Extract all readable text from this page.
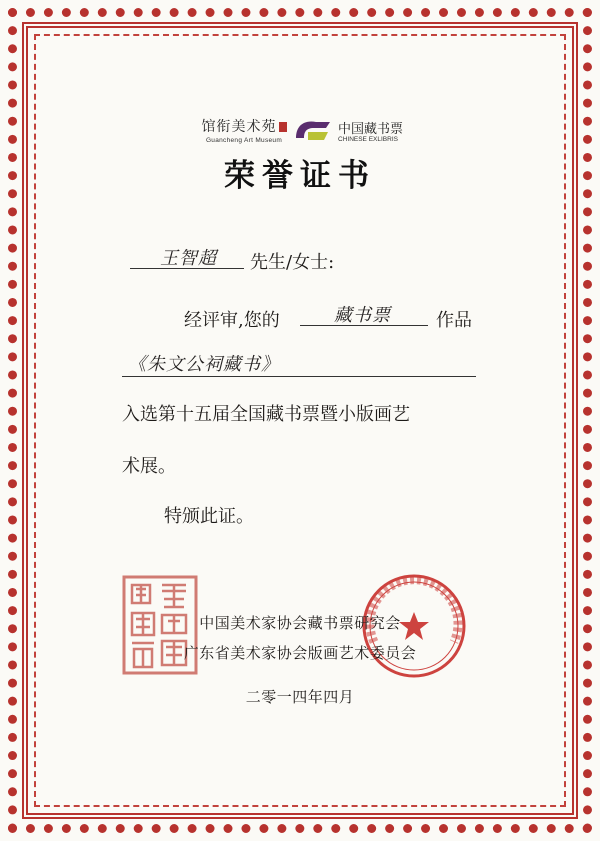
馆衔美术苑
Guancheng Art Museum
中国藏书票
CHINESE EXLIBRIS
荣誉证书
王智超 先生/女士:
经评审,您的	藏书票	作品
《朱文公祠藏书》
入选第十五届全国藏书票暨小版画艺
术展。
特颁此证。
中国美术家协会藏书票研究会
广东省美术家协会版画艺术委员会
二零一四年四月
